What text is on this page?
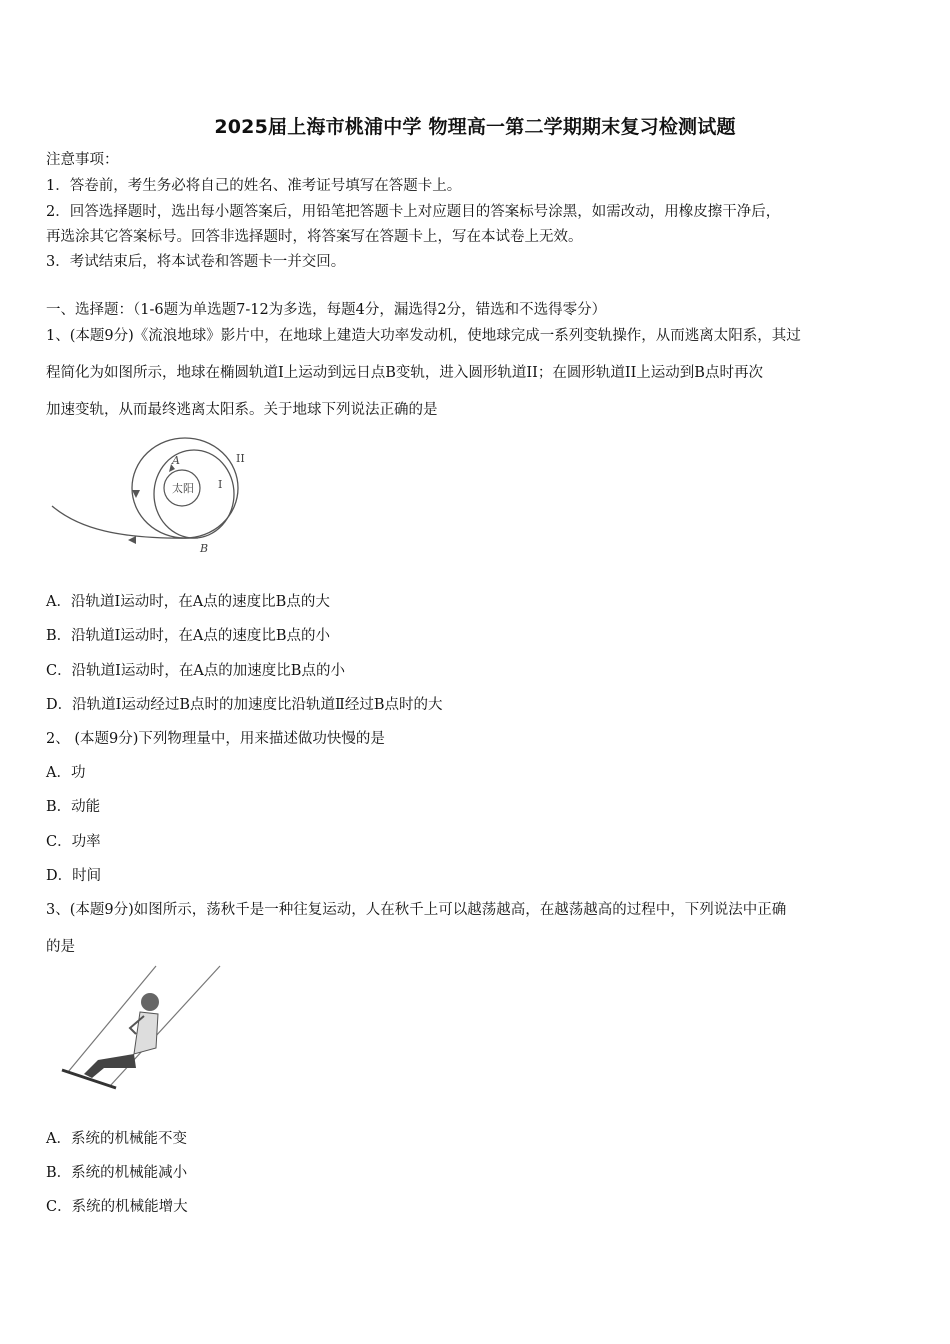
2025届上海市桃浦中学 物理高一第二学期期末复习检测试题
注意事项：
1．答卷前，考生务必将自己的姓名、准考证号填写在答题卡上。
2．回答选择题时，选出每小题答案后，用铅笔把答题卡上对应题目的答案标号涂黑，如需改动，用橡皮擦干净后，
再选涂其它答案标号。回答非选择题时，将答案写在答题卡上，写在本试卷上无效。
3．考试结束后，将本试卷和答题卡一并交回。
一、选择题：（1-6题为单选题7-12为多选，每题4分，漏选得2分，错选和不选得零分）
1、(本题9分)《流浪地球》影片中，在地球上建造大功率发动机，使地球完成一系列变轨操作，从而逃离太阳系，其过
程简化为如图所示，地球在椭圆轨道I上运动到远日点B变轨，进入圆形轨道II；在圆形轨道II上运动到B点时再次
加速变轨，从而最终逃离太阳系。关于地球下列说法正确的是
太阳 I
II
A
B
A．沿轨道I运动时，在A点的速度比B点的大
B．沿轨道I运动时，在A点的速度比B点的小
C．沿轨道I运动时，在A点的加速度比B点的小
D．沿轨道I运动经过B点时的加速度比沿轨道Ⅱ经过B点时的大
2、 (本题9分)下列物理量中，用来描述做功快慢的是
A．功
B．动能
C．功率
D．时间
3、(本题9分)如图所示，荡秋千是一种往复运动，人在秋千上可以越荡越高，在越荡越高的过程中，下列说法中正确
的是
A．系统的机械能不变
B．系统的机械能减小
C．系统的机械能增大
